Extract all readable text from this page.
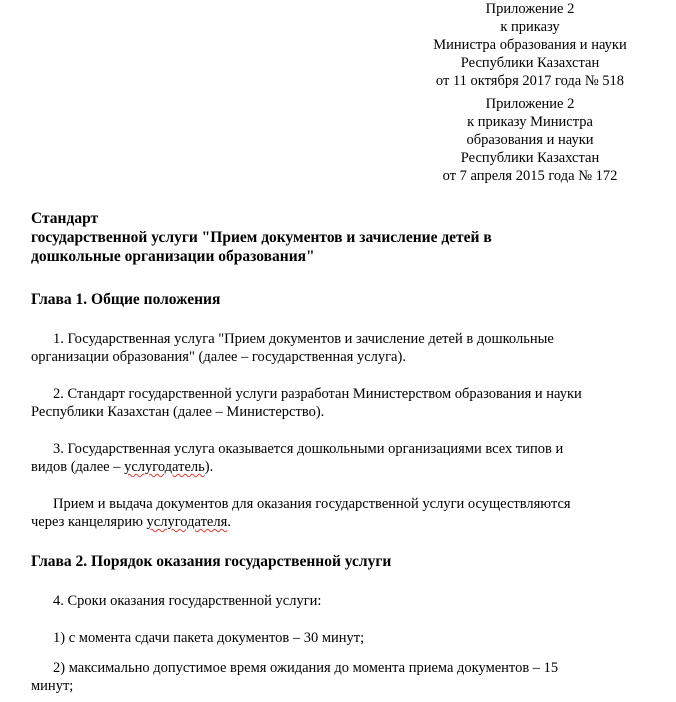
Приложение 2
к приказу
Министра образования и науки
Республики Казахстан
от 11 октября 2017 года № 518
Приложение 2
к приказу Министра
образования и науки
Республики Казахстан
от 7 апреля 2015 года № 172
Стандарт
государственной услуги "Прием документов и зачисление детей в
дошкольные организации образования"
Глава 1. Общие положения
1. Государственная услуга "Прием документов и зачисление детей в дошкольные
организации образования" (далее – государственная услуга).
2. Стандарт государственной услуги разработан Министерством образования и науки
Республики Казахстан (далее – Министерство).
3. Государственная услуга оказывается дошкольными организациями всех типов и
видов (далее – услугодатель).
Прием и выдача документов для оказания государственной услуги осуществляются
через канцелярию услугодателя.
Глава 2. Порядок оказания государственной услуги
4. Сроки оказания государственной услуги:
1) с момента сдачи пакета документов – 30 минут;
2) максимально допустимое время ожидания до момента приема документов – 15
минут;
